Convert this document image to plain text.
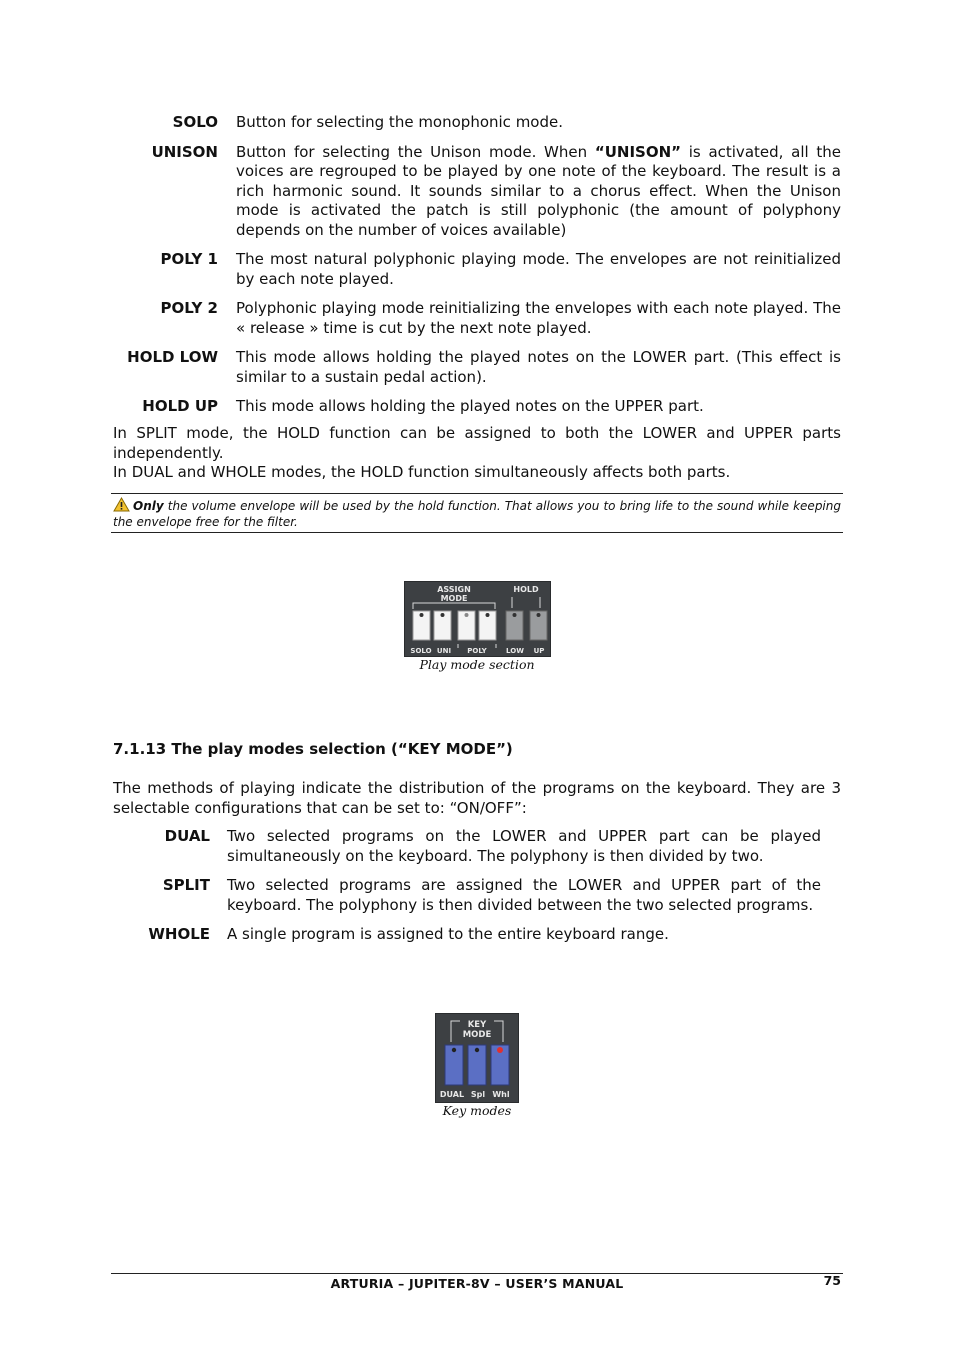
SOLO Button for selecting the monophonic mode.
UNISON Button for selecting the Unison mode. When “UNISON” is activated, all the voices are regrouped to be played by one note of the keyboard. The result is a rich harmonic sound. It sounds similar to a chorus effect. When the Unison mode is activated the patch is still polyphonic (the amount of polyphony depends on the number of voices available)
POLY 1 The most natural polyphonic playing mode. The envelopes are not reinitialized by each note played.
POLY 2 Polyphonic playing mode reinitializing the envelopes with each note played. The « release » time is cut by the next note played.
HOLD LOW This mode allows holding the played notes on the LOWER part. (This effect is similar to a sustain pedal action).
HOLD UP This mode allows holding the played notes on the UPPER part.

In SPLIT mode, the HOLD function can be assigned to both the LOWER and UPPER parts independently.
In DUAL and WHOLE modes, the HOLD function simultaneously affects both parts.

Only the volume envelope will be used by the hold function. That allows you to bring life to the sound while keeping the envelope free for the filter.
ASSIGN
MODE
HOLD
SOLO UNI POLY	LOW UP
Play mode section
7.1.13 The play modes selection (“KEY MODE”)

The methods of playing indicate the distribution of the programs on the keyboard. They are 3 selectable configurations that can be set to: “ON/OFF”:

DUAL Two selected programs on the LOWER and UPPER part can be played simultaneously on the keyboard. The polyphony is then divided by two.
SPLIT Two selected programs are assigned the LOWER and UPPER part of the keyboard. The polyphony is then divided between the two selected programs.
WHOLE A single program is assigned to the entire keyboard range.
KEY
MODE
DUAL Spl Whl
Key modes
ARTURIA – JUPITER-8V – USER’S MANUAL	75
